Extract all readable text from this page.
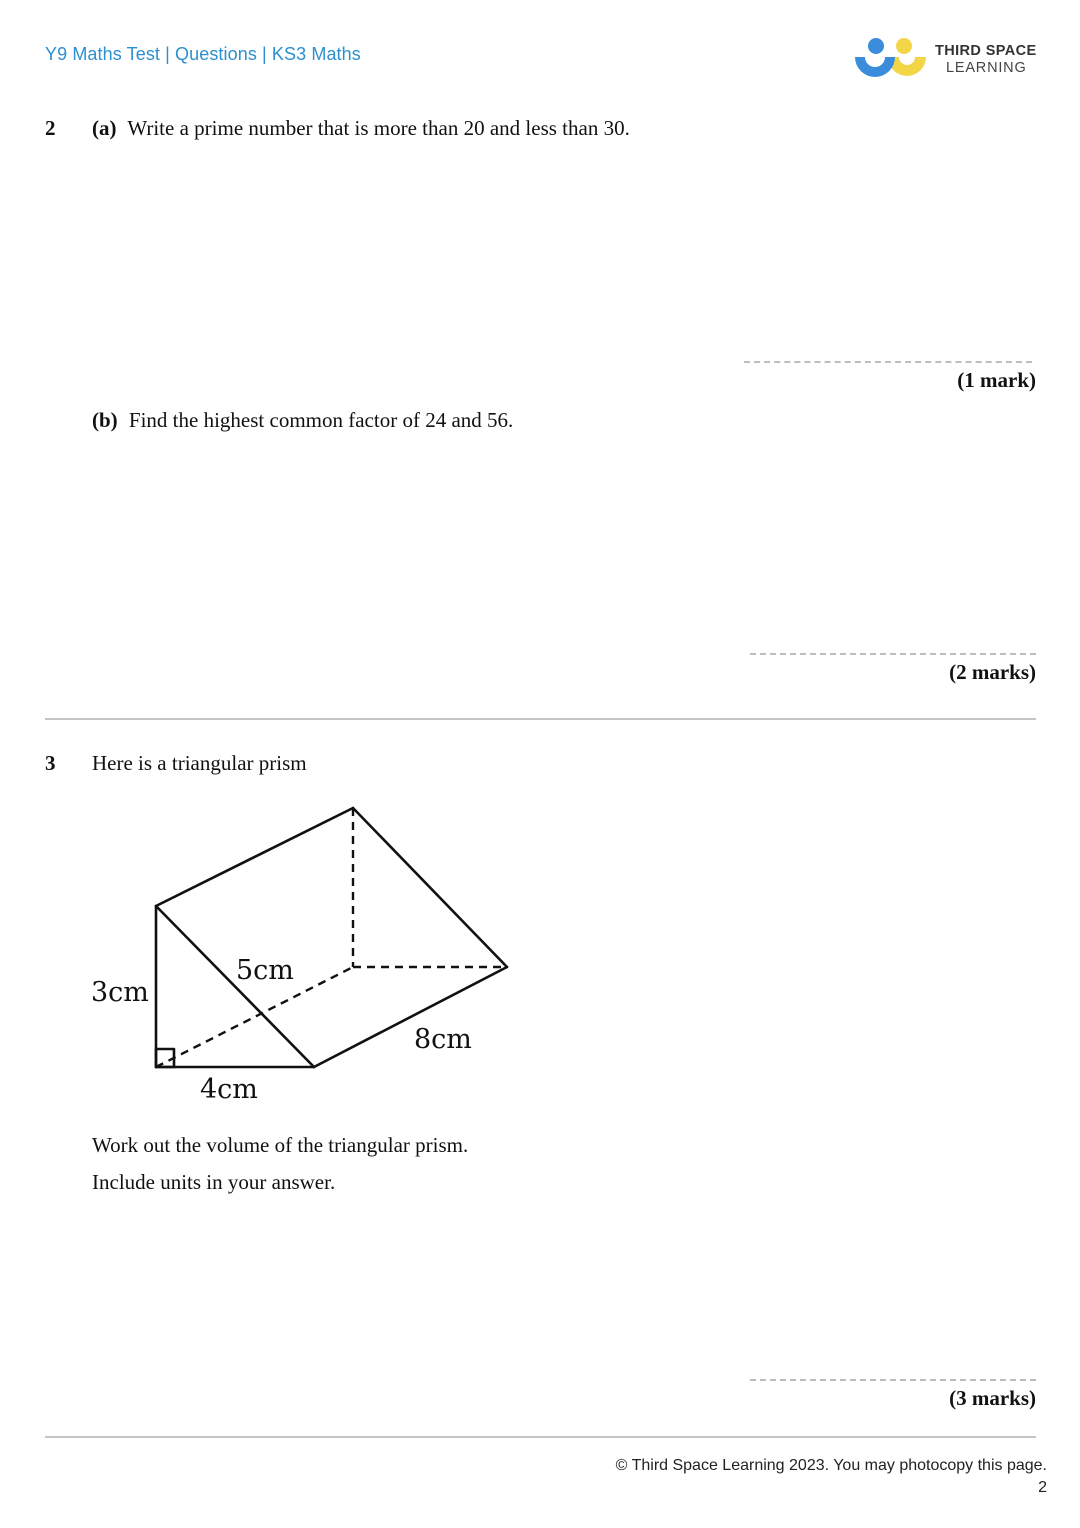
Y9 Maths Test | Questions | KS3 Maths	THIRD SPACE
LEARNING
2 (a) Write a prime number that is more than 20 and less than 30.
(1 mark)
(b) Find the highest common factor of 24 and 56.
(2 marks)
3 Here is a triangular prism
3cm
5cm
4cm
8cm
Work out the volume of the triangular prism.
Include units in your answer.
(3 marks)
© Third Space Learning 2023. You may photocopy this page.
2
